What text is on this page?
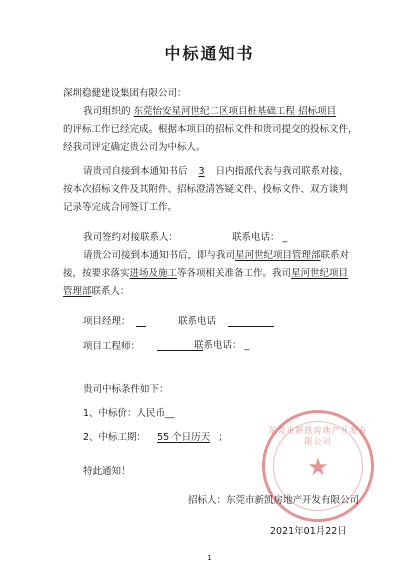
中标通知书
深圳稳健建设集团有限公司：
我司组织的 东莞怡安星河世纪二区项目桩基础工程 招标项目
的评标工作已经完成。根据本项目的招标文件和贵司提交的投标文件，
经我司评定确定贵公司为中标人。
请贵司自接到本通知书后 3 日内指派代表与我司联系对接，
按本次招标文件及其附件、招标澄清答疑文件、投标文件、双方谈判
记录等完成合同签订工作。
我司签约对接联系人：	联系电话： _
请贵公司接到本通知书后，即与我司星河世纪项目管理部联系对
接，按要求落实进场及施工等各项相关准备工作。我司星河世纪项目
管理部联系人：
项目经理：	联系电话
项目工程师：	联系电话： _
贵司中标条件如下：
1、中标价：人民币__
2、中标工期： 55 个日历天 ；
特此通知！
东莞市新凯房地产开发有限公司
★
招标人：东莞市新凯房地产开发有限公司
2021年01月22日
1
